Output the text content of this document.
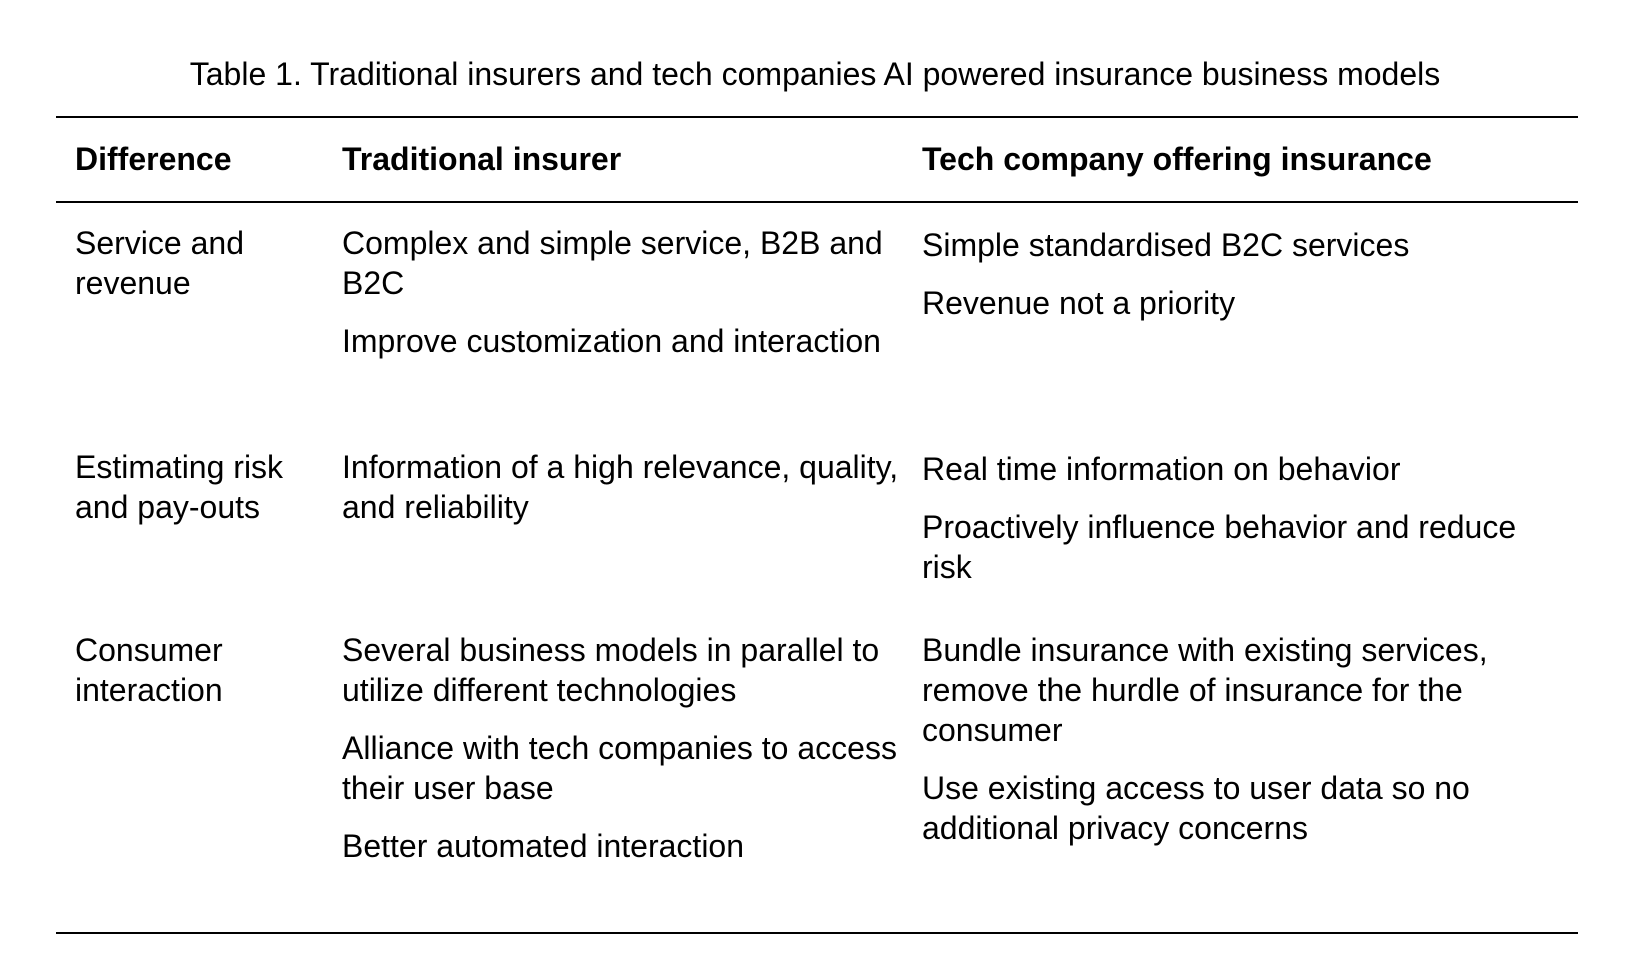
Table 1. Traditional insurers and tech companies AI powered insurance business models
Difference	Traditional insurer	Tech company offering insurance
Service and revenue
Complex and simple service, B2B and B2C
Improve customization and interaction
Simple standardised B2C services
Revenue not a priority
Estimating risk and pay-outs
Information of a high relevance, quality, and reliability
Real time information on behavior
Proactively influence behavior and reduce risk
Consumer interaction
Several business models in parallel to utilize different technologies
Alliance with tech companies to access their user base
Better automated interaction
Bundle insurance with existing services, remove the hurdle of insurance for the consumer
Use existing access to user data so no additional privacy concerns
